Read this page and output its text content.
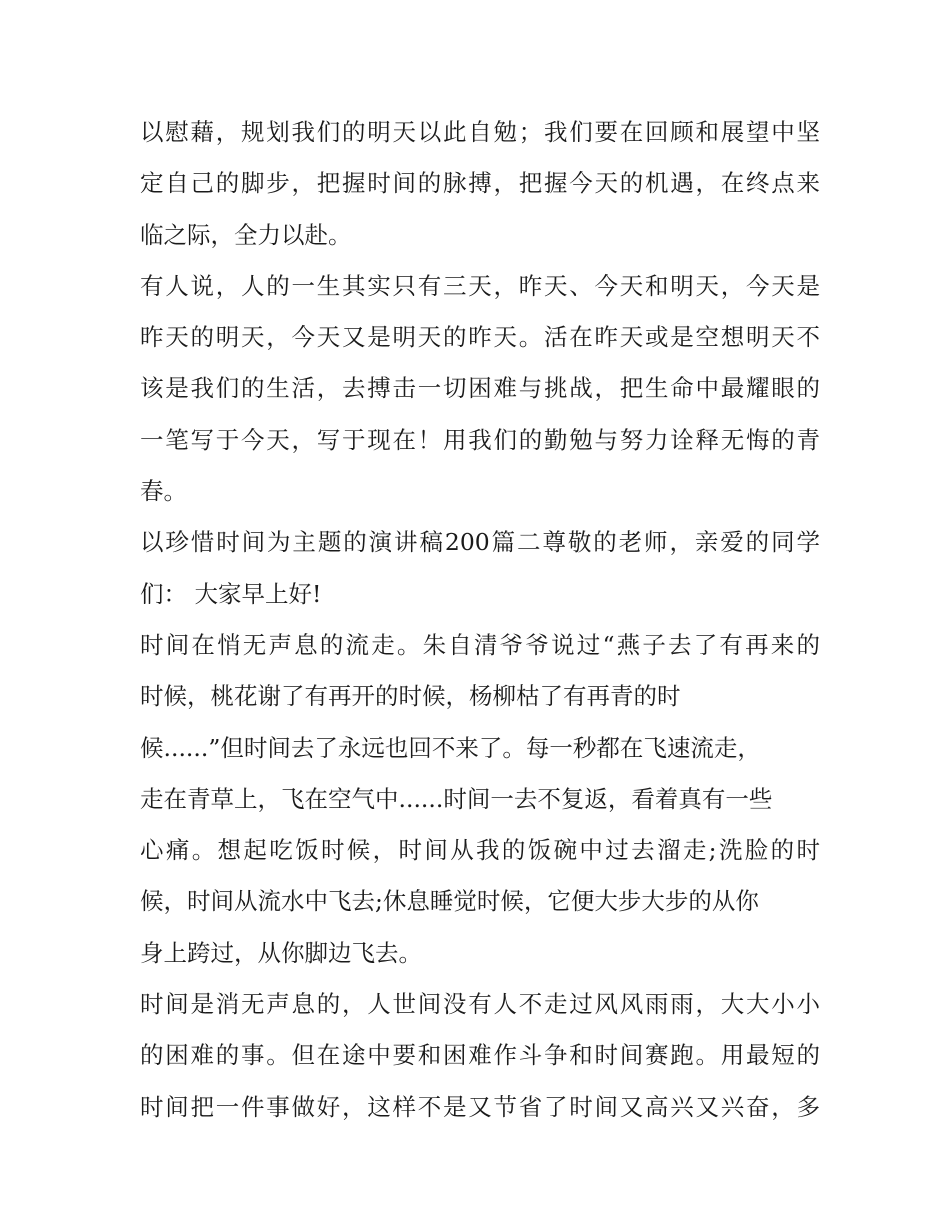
以慰藉，规划我们的明天以此自勉；我们要在回顾和展望中坚
定自己的脚步，把握时间的脉搏，把握今天的机遇，在终点来
临之际，全力以赴。
有人说，人的一生其实只有三天，昨天、今天和明天，今天是
昨天的明天，今天又是明天的昨天。活在昨天或是空想明天不
该是我们的生活，去搏击一切困难与挑战，把生命中最耀眼的
一笔写于今天，写于现在！用我们的勤勉与努力诠释无悔的青
春。
以珍惜时间为主题的演讲稿200篇二尊敬的老师，亲爱的同学
们： 大家早上好!
时间在悄无声息的流走。朱自清爷爷说过“燕子去了有再来的
时候，桃花谢了有再开的时候，杨柳枯了有再青的时
候......”但时间去了永远也回不来了。每一秒都在飞速流走，
走在青草上，飞在空气中......时间一去不复返，看着真有一些
心痛。想起吃饭时候，时间从我的饭碗中过去溜走;洗脸的时
候，时间从流水中飞去;休息睡觉时候，它便大步大步的从你
身上跨过，从你脚边飞去。
时间是消无声息的，人世间没有人不走过风风雨雨，大大小小
的困难的事。但在途中要和困难作斗争和时间赛跑。用最短的
时间把一件事做好，这样不是又节省了时间又高兴又兴奋，多
